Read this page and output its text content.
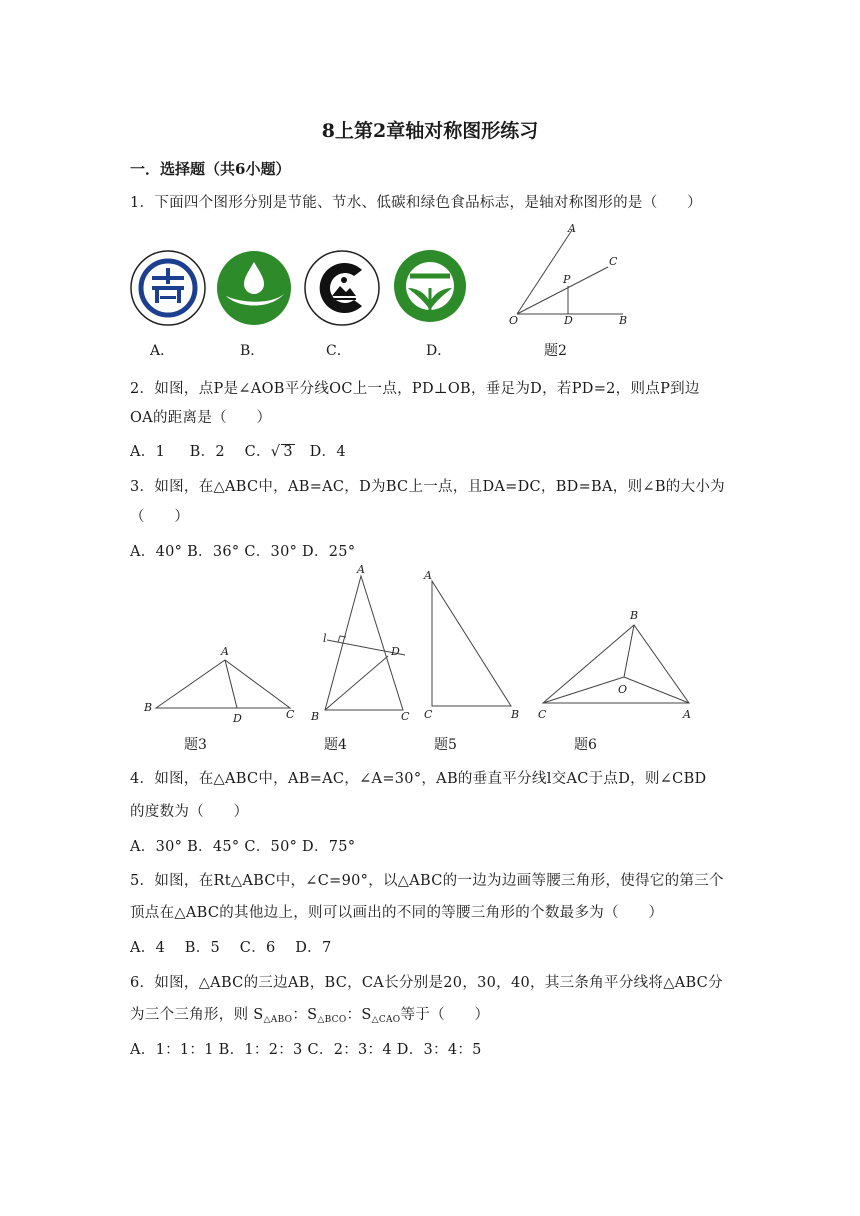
8上第2章轴对称图形练习
一．选择题（共6小题）
1．下面四个图形分别是节能、节水、低碳和绿色食品标志，是轴对称图形的是（　　）
A
C
P
O	D	B
A．	B．	C．	D．	题2
2．如图，点P是∠AOB平分线OC上一点，PD⊥OB，垂足为D，若PD=2，则点P到边
OA的距离是（　　）
A．1 B．2 C．√ 3 D．4
3．如图，在△ABC中，AB=AC，D为BC上一点，且DA=DC，BD=BA，则∠B的大小为
（　　）
A．40° B．36° C．30° D．25°
A
B
D	C
A
l
D
B	C
A
C	B
B
O
C	A
题3	题4	题5	题6
4．如图，在△ABC中，AB=AC，∠A=30°，AB的垂直平分线l交AC于点D，则∠CBD
的度数为（　　）
A．30° B．45° C．50° D．75°
5．如图，在Rt△ABC中，∠C=90°，以△ABC的一边为边画等腰三角形，使得它的第三个
顶点在△ABC的其他边上，则可以画出的不同的等腰三角形的个数最多为（　　）
A．4　 B．5　 C．6　 D．7
6．如图，△ABC的三边AB，BC，CA长分别是20，30，40，其三条角平分线将△ABC分
为三个三角形，则 $S_{\triangle ABO}$：$S_{\triangle BCO}$：$S_{\triangle CAO}$等于（　　）
A．1：1：1 B．1：2：3 C．2：3：4 D．3：4：5
